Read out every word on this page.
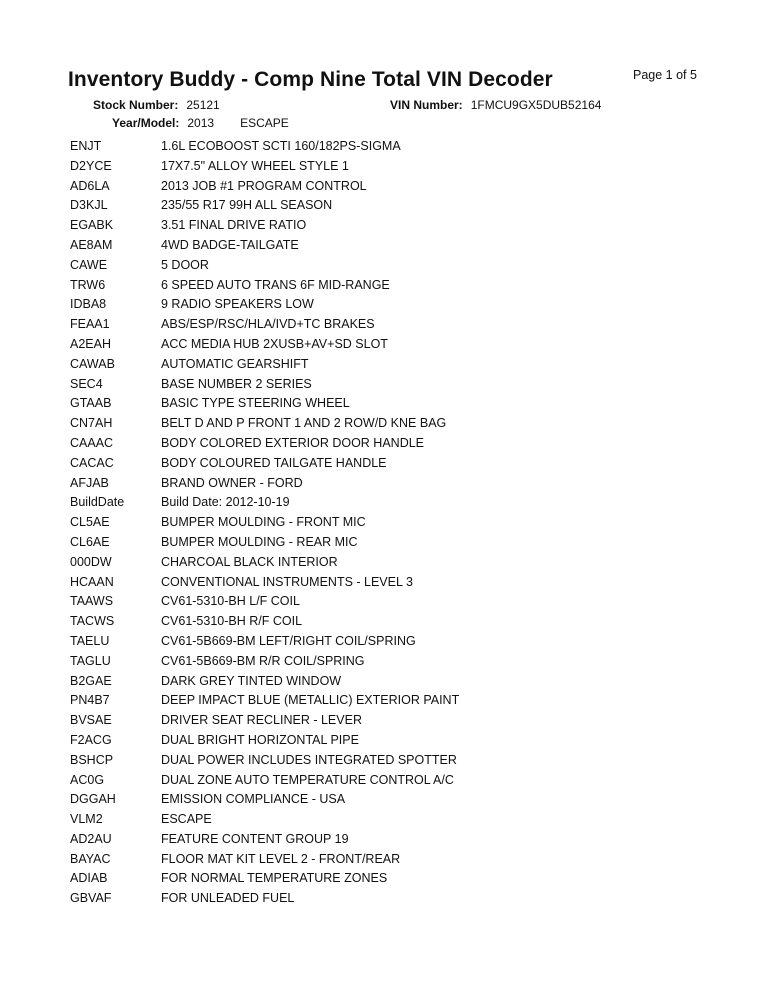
Inventory Buddy - Comp Nine Total VIN Decoder	Page 1 of 5
Stock Number: 25121	VIN Number: 1FMCU9GX5DUB52164
Year/Model: 2013 ESCAPE
ENJT	1.6L ECOBOOST SCTI 160/182PS-SIGMA
D2YCE	17X7.5" ALLOY WHEEL STYLE 1
AD6LA	2013 JOB #1 PROGRAM CONTROL
D3KJL	235/55 R17 99H ALL SEASON
EGABK	3.51 FINAL DRIVE RATIO
AE8AM	4WD BADGE-TAILGATE
CAWE	5 DOOR
TRW6	6 SPEED AUTO TRANS 6F MID-RANGE
IDBA8	9 RADIO SPEAKERS LOW
FEAA1	ABS/ESP/RSC/HLA/IVD+TC BRAKES
A2EAH	ACC MEDIA HUB 2XUSB+AV+SD SLOT
CAWAB	AUTOMATIC GEARSHIFT
SEC4	BASE NUMBER 2 SERIES
GTAAB	BASIC TYPE STEERING WHEEL
CN7AH	BELT D AND P FRONT 1 AND 2 ROW/D KNE BAG
CAAAC	BODY COLORED EXTERIOR DOOR HANDLE
CACAC	BODY COLOURED TAILGATE HANDLE
AFJAB	BRAND OWNER - FORD
BuildDate	Build Date: 2012-10-19
CL5AE	BUMPER MOULDING - FRONT MIC
CL6AE	BUMPER MOULDING - REAR MIC
000DW	CHARCOAL BLACK INTERIOR
HCAAN	CONVENTIONAL INSTRUMENTS - LEVEL 3
TAAWS	CV61-5310-BH L/F COIL
TACWS	CV61-5310-BH R/F COIL
TAELU	CV61-5B669-BM LEFT/RIGHT COIL/SPRING
TAGLU	CV61-5B669-BM R/R COIL/SPRING
B2GAE	DARK GREY TINTED WINDOW
PN4B7	DEEP IMPACT BLUE (METALLIC) EXTERIOR PAINT
BVSAE	DRIVER SEAT RECLINER - LEVER
F2ACG	DUAL BRIGHT HORIZONTAL PIPE
BSHCP	DUAL POWER INCLUDES INTEGRATED SPOTTER
AC0G	DUAL ZONE AUTO TEMPERATURE CONTROL A/C
DGGAH	EMISSION COMPLIANCE - USA
VLM2	ESCAPE
AD2AU	FEATURE CONTENT GROUP 19
BAYAC	FLOOR MAT KIT LEVEL 2 - FRONT/REAR
ADIAB	FOR NORMAL TEMPERATURE ZONES
GBVAF	FOR UNLEADED FUEL
